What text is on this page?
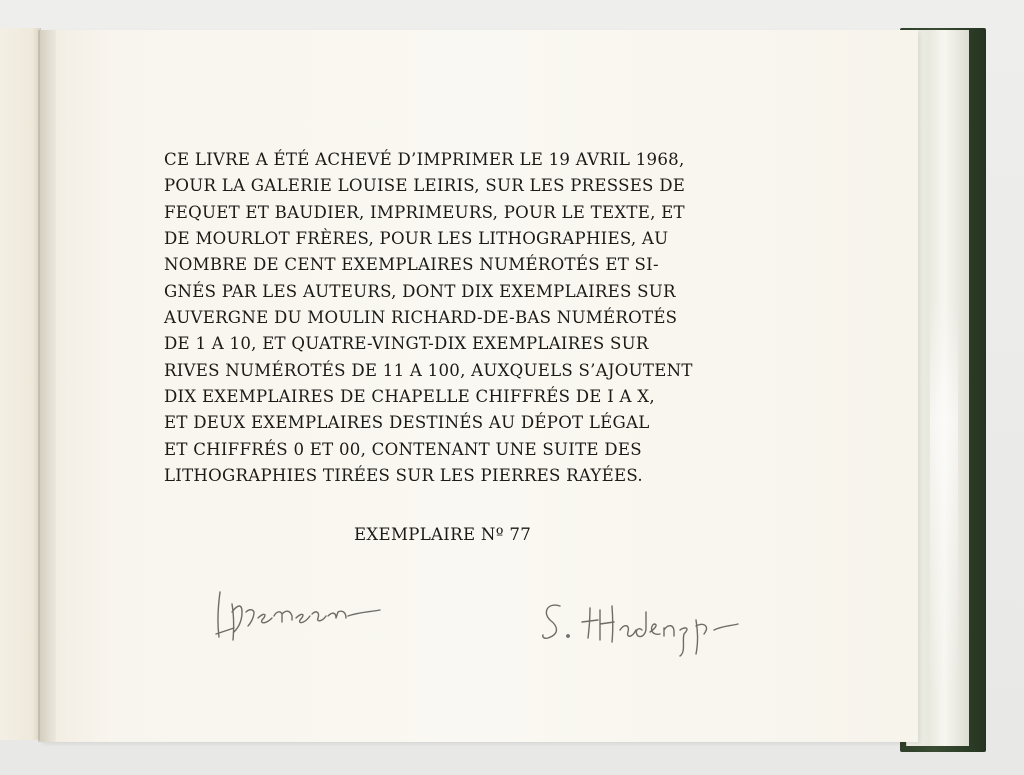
CE LIVRE A ÉTÉ ACHEVÉ D’IMPRIMER LE 19 AVRIL 1968,
POUR LA GALERIE LOUISE LEIRIS, SUR LES PRESSES DE
FEQUET ET BAUDIER, IMPRIMEURS, POUR LE TEXTE, ET
DE MOURLOT FRÈRES, POUR LES LITHOGRAPHIES, AU
NOMBRE DE CENT EXEMPLAIRES NUMÉROTÉS ET SI-
GNÉS PAR LES AUTEURS, DONT DIX EXEMPLAIRES SUR
AUVERGNE DU MOULIN RICHARD-DE-BAS NUMÉROTÉS
DE 1 A 10, ET QUATRE-VINGT-DIX EXEMPLAIRES SUR
RIVES NUMÉROTÉS DE 11 A 100, AUXQUELS S’AJOUTENT
DIX EXEMPLAIRES DE CHAPELLE CHIFFRÉS DE I A X,
ET DEUX EXEMPLAIRES DESTINÉS AU DÉPOT LÉGAL
ET CHIFFRÉS 0 ET 00, CONTENANT UNE SUITE DES
LITHOGRAPHIES TIRÉES SUR LES PIERRES RAYÉES.

EXEMPLAIRE Nº 77
